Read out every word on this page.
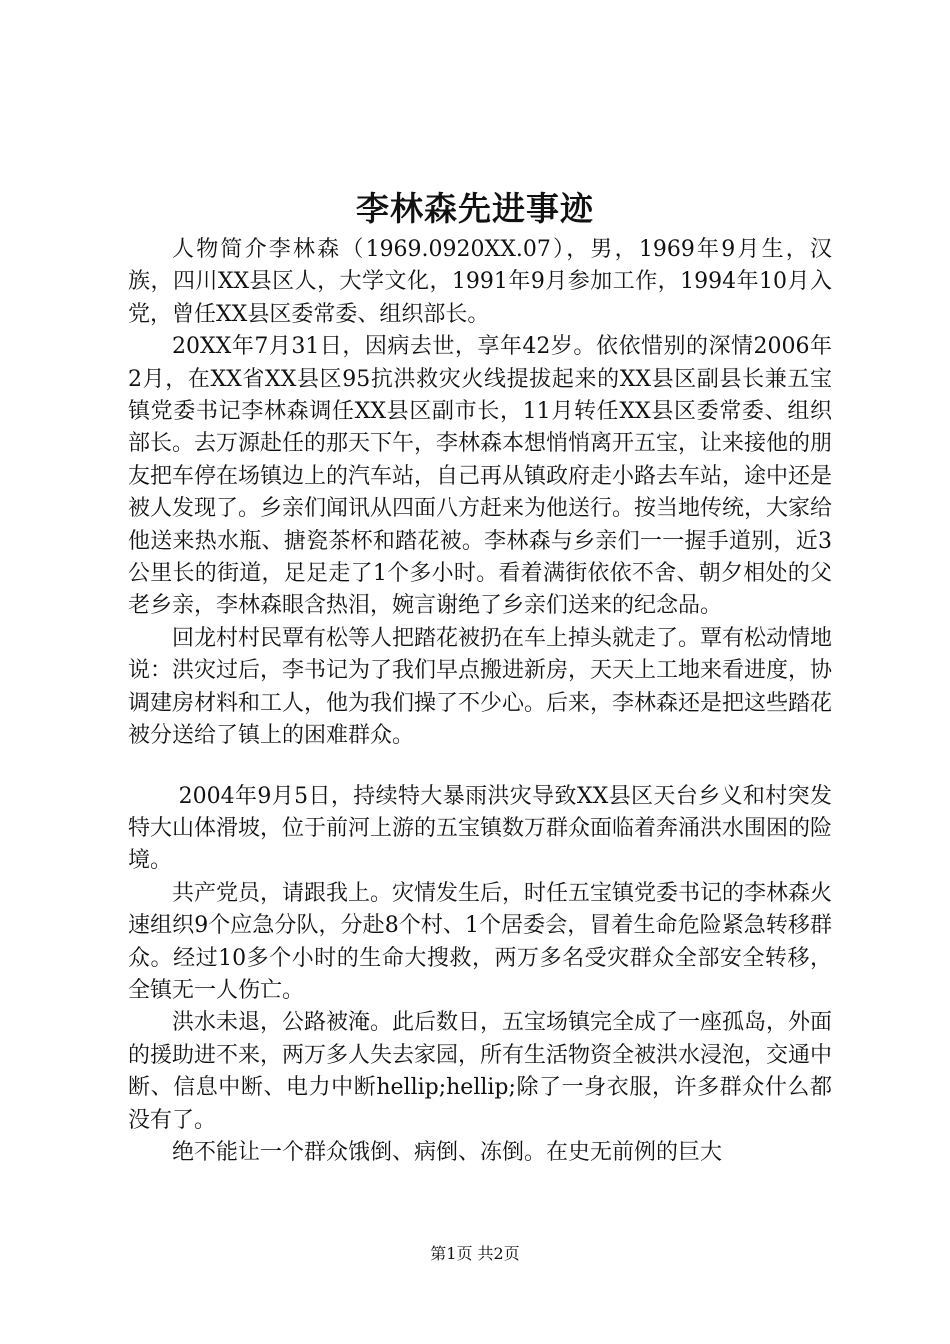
李林森先进事迹

人物简介李林森（1969.0920XX.07），男，1969年9月生，汉族，四川XX县区人，大学文化，1991年9月参加工作，1994年10月入党，曾任XX县区委常委、组织部长。

20XX年7月31日，因病去世，享年42岁。依依惜别的深情2006年2月，在XX省XX县区95抗洪救灾火线提拔起来的XX县区副县长兼五宝镇党委书记李林森调任XX县区副市长，11月转任XX县区委常委、组织部长。去万源赴任的那天下午，李林森本想悄悄离开五宝，让来接他的朋友把车停在场镇边上的汽车站，自己再从镇政府走小路去车站，途中还是被人发现了。乡亲们闻讯从四面八方赶来为他送行。按当地传统，大家给他送来热水瓶、搪瓷茶杯和踏花被。李林森与乡亲们一一握手道别，近3公里长的街道，足足走了1个多小时。看着满街依依不舍、朝夕相处的父老乡亲，李林森眼含热泪，婉言谢绝了乡亲们送来的纪念品。

回龙村村民覃有松等人把踏花被扔在车上掉头就走了。覃有松动情地说：洪灾过后，李书记为了我们早点搬进新房，天天上工地来看进度，协调建房材料和工人，他为我们操了不少心。后来，李林森还是把这些踏花被分送给了镇上的困难群众。

2004年9月5日，持续特大暴雨洪灾导致XX县区天台乡义和村突发特大山体滑坡，位于前河上游的五宝镇数万群众面临着奔涌洪水围困的险境。

共产党员，请跟我上。灾情发生后，时任五宝镇党委书记的李林森火速组织9个应急分队，分赴8个村、1个居委会，冒着生命危险紧急转移群众。经过10多个小时的生命大搜救，两万多名受灾群众全部安全转移，全镇无一人伤亡。

洪水未退，公路被淹。此后数日，五宝场镇完全成了一座孤岛，外面的援助进不来，两万多人失去家园，所有生活物资全被洪水浸泡，交通中断、信息中断、电力中断hellip;hellip;除了一身衣服，许多群众什么都没有了。

绝不能让一个群众饿倒、病倒、冻倒。在史无前例的巨大

第1页 共2页
